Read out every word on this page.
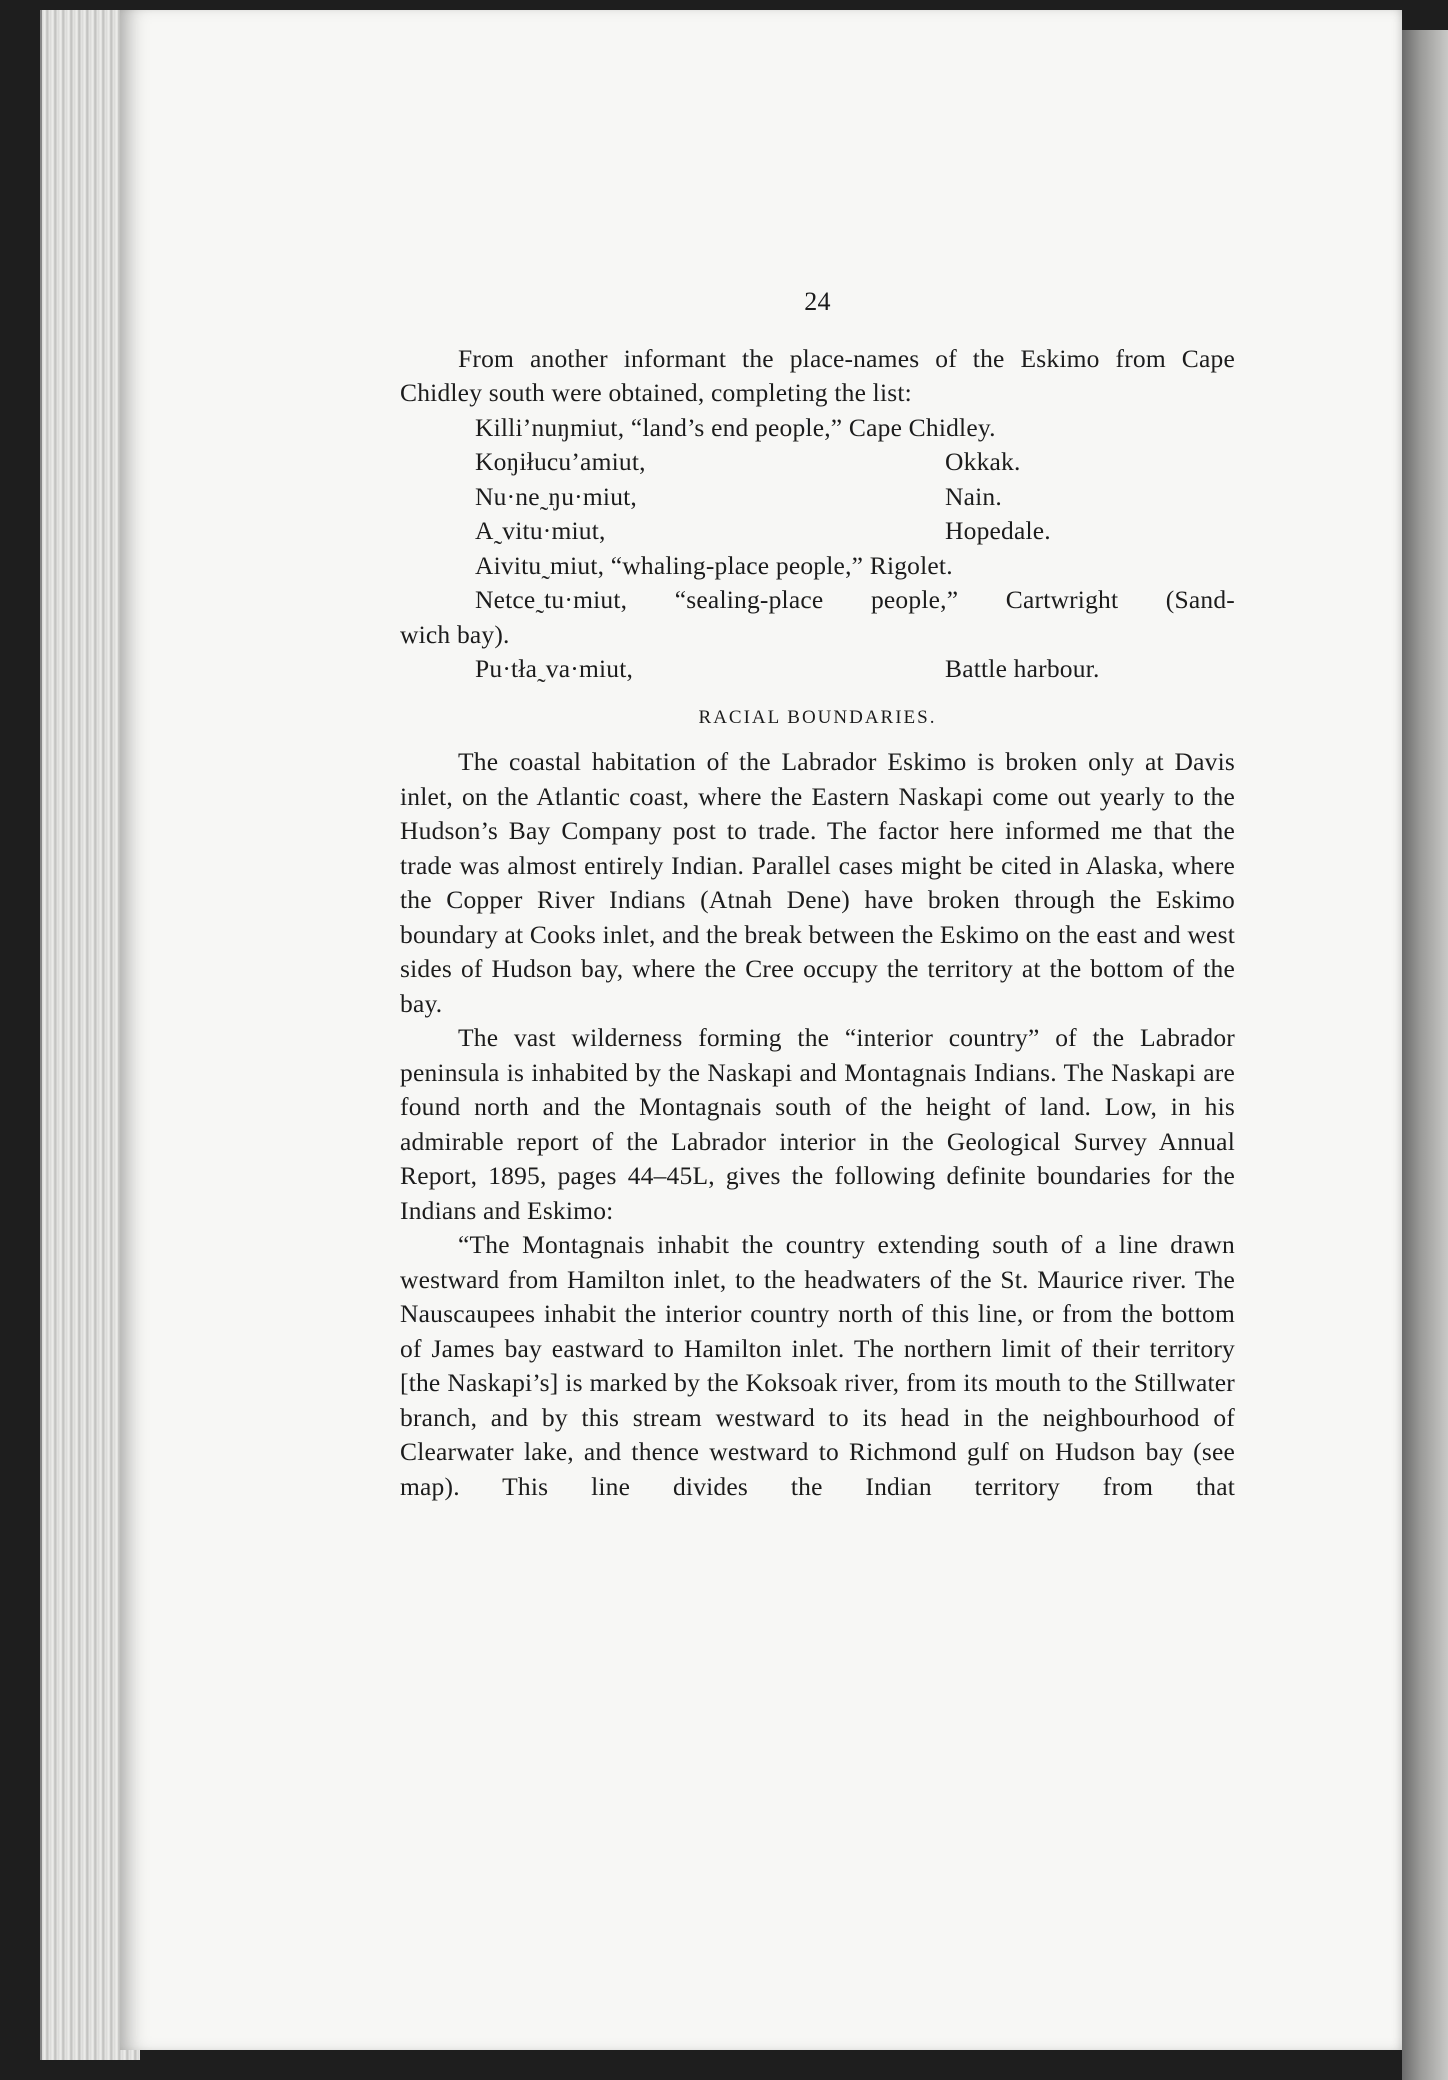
24

From another informant the place-names of the Eskimo from Cape Chidley south were obtained, completing the list:

Killi’nuŋmiut, “land’s end people,” Cape Chidley.
Koŋiłucu’amiut,	Okkak.
Nu·ne˷ŋu·miut,	Nain.
A˷vitu·miut,	Hopedale.
Aivitu˷miut, “whaling-place people,” Rigolet.
Netce˷tu·miut, “sealing-place people,” Cartwright (Sand-
wich bay).
Pu·tła˷va·miut,	Battle harbour.
RACIAL BOUNDARIES.

The coastal habitation of the Labrador Eskimo is broken only at Davis inlet, on the Atlantic coast, where the Eastern Naskapi come out yearly to the Hudson’s Bay Company post to trade. The factor here informed me that the trade was almost entirely Indian. Parallel cases might be cited in Alaska, where the Copper River Indians (Atnah Dene) have broken through the Eskimo boundary at Cooks inlet, and the break between the Eskimo on the east and west sides of Hudson bay, where the Cree occupy the territory at the bottom of the bay.

The vast wilderness forming the “interior country” of the Labrador peninsula is inhabited by the Naskapi and Montagnais Indians. The Naskapi are found north and the Montagnais south of the height of land. Low, in his admirable report of the Labrador interior in the Geological Survey Annual Report, 1895, pages 44–45L, gives the following definite boundaries for the Indians and Eskimo:

“The Montagnais inhabit the country extending south of a line drawn westward from Hamilton inlet, to the headwaters of the St. Maurice river. The Nauscaupees inhabit the interior country north of this line, or from the bottom of James bay eastward to Hamilton inlet. The northern limit of their territory [the Naskapi’s] is marked by the Koksoak river, from its mouth to the Stillwater branch, and by this stream westward to its head in the neighbourhood of Clearwater lake, and thence westward to Richmond gulf on Hudson bay (see map). This line divides the Indian territory from that
